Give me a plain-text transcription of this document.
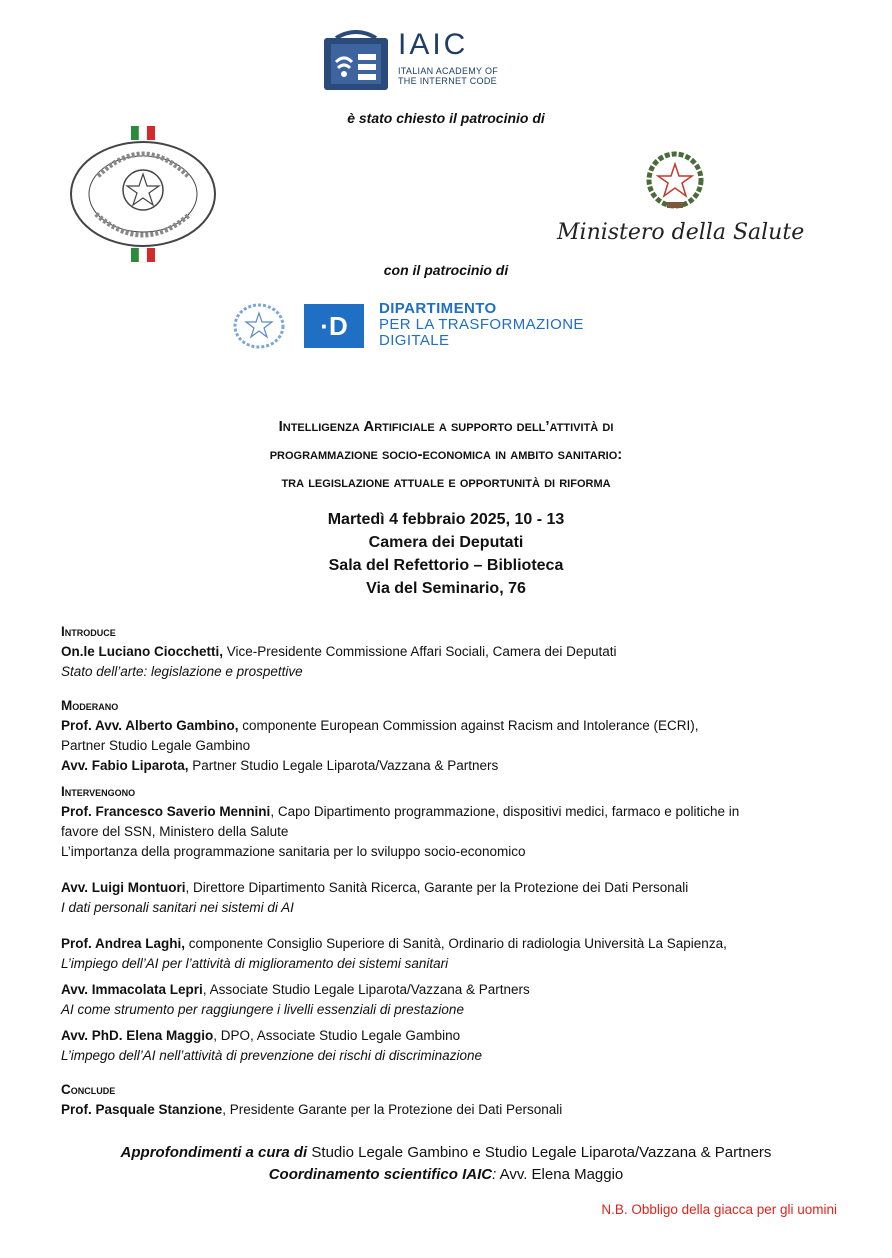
IAIC
ITALIAN ACADEMY OF
THE INTERNET CODE
è stato chiesto il patrocinio di
Ministero della Salute
con il patrocinio di
·D
DIPARTIMENTO
PER LA TRASFORMAZIONE
DIGITALE
Intelligenza Artificiale a supporto dell’attività di
programmazione socio-economica in ambito sanitario:
tra legislazione attuale e opportunità di riforma
Martedì 4 febbraio 2025, 10 - 13
Camera dei Deputati
Sala del Refettorio – Biblioteca
Via del Seminario, 76
Introduce
On.le Luciano Ciocchetti, Vice-Presidente Commissione Affari Sociali, Camera dei Deputati
Stato dell’arte: legislazione e prospettive
Moderano
Prof. Avv. Alberto Gambino, componente European Commission against Racism and Intolerance (ECRI),
Partner Studio Legale Gambino
Avv. Fabio Liparota, Partner Studio Legale Liparota/Vazzana & Partners
Intervengono
Prof. Francesco Saverio Mennini, Capo Dipartimento programmazione, dispositivi medici, farmaco e politiche in
favore del SSN, Ministero della Salute
L’importanza della programmazione sanitaria per lo sviluppo socio-economico
Avv. Luigi Montuori, Direttore Dipartimento Sanità Ricerca, Garante per la Protezione dei Dati Personali
I dati personali sanitari nei sistemi di AI
Prof. Andrea Laghi, componente Consiglio Superiore di Sanità, Ordinario di radiologia Università La Sapienza,
L’impiego dell’AI per l’attività di miglioramento dei sistemi sanitari
Avv. Immacolata Lepri, Associate Studio Legale Liparota/Vazzana & Partners
AI come strumento per raggiungere i livelli essenziali di prestazione
Avv. PhD. Elena Maggio, DPO, Associate Studio Legale Gambino
L’impego dell’AI nell’attività di prevenzione dei rischi di discriminazione
Conclude
Prof. Pasquale Stanzione, Presidente Garante per la Protezione dei Dati Personali
Approfondimenti a cura di Studio Legale Gambino e Studio Legale Liparota/Vazzana & Partners
Coordinamento scientifico IAIC: Avv. Elena Maggio
N.B. Obbligo della giacca per gli uomini
